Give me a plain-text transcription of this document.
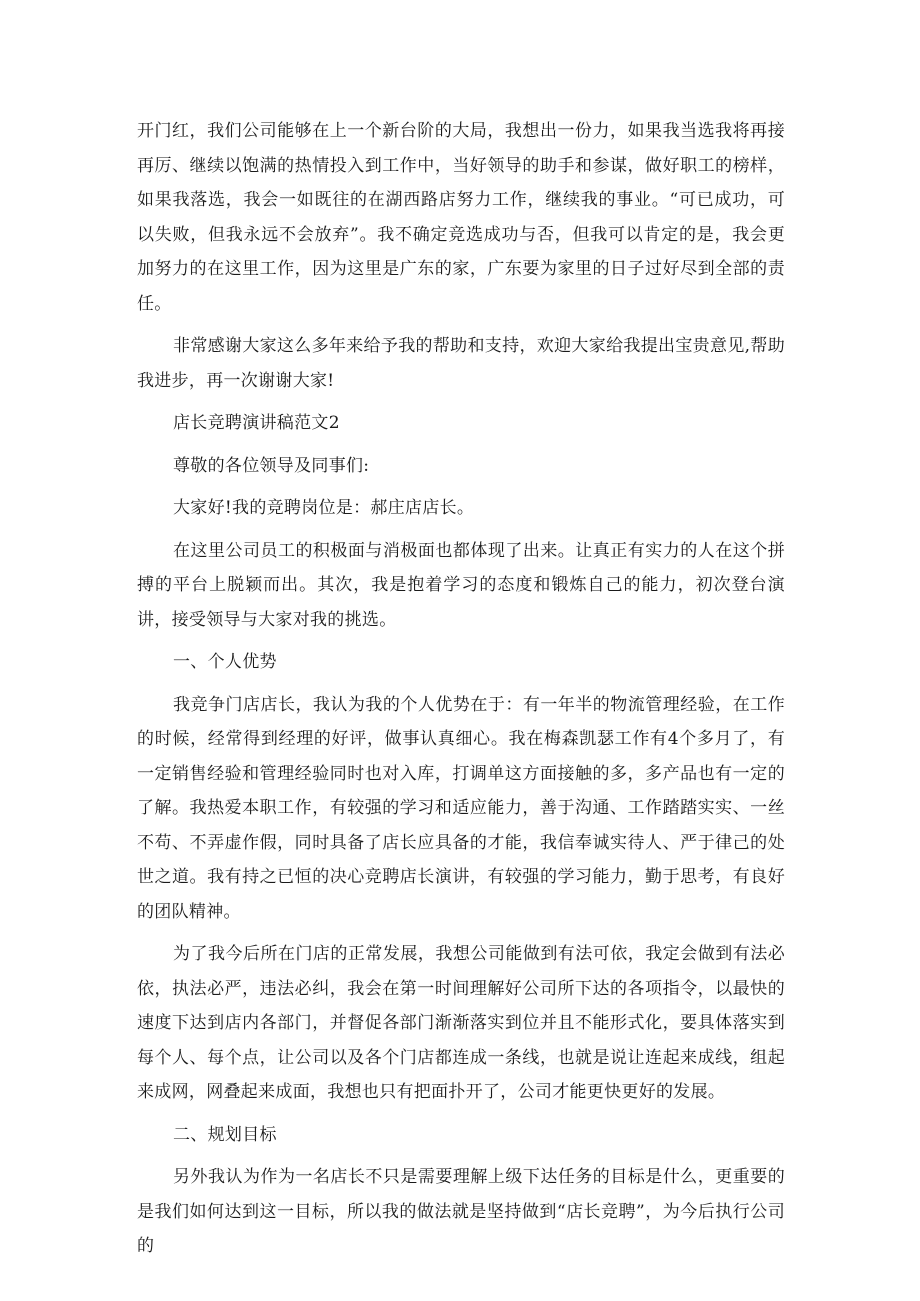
开门红，我们公司能够在上一个新台阶的大局，我想出一份力，如果我当选我将再接再厉、继续以饱满的热情投入到工作中，当好领导的助手和参谋，做好职工的榜样，如果我落选，我会一如既往的在湖西路店努力工作，继续我的事业。“可已成功，可以失败，但我永远不会放弃”。我不确定竞选成功与否，但我可以肯定的是，我会更加努力的在这里工作，因为这里是广东的家，广东要为家里的日子过好尽到全部的责任。

非常感谢大家这么多年来给予我的帮助和支持，欢迎大家给我提出宝贵意见,帮助我进步，再一次谢谢大家!

店长竞聘演讲稿范文2

尊敬的各位领导及同事们:

大家好!我的竞聘岗位是：郝庄店店长。

在这里公司员工的积极面与消极面也都体现了出来。让真正有实力的人在这个拼搏的平台上脱颖而出。其次，我是抱着学习的态度和锻炼自己的能力，初次登台演讲，接受领导与大家对我的挑选。

一、个人优势

我竞争门店店长，我认为我的个人优势在于：有一年半的物流管理经验，在工作的时候，经常得到经理的好评，做事认真细心。我在梅森凯瑟工作有4个多月了，有一定销售经验和管理经验同时也对入库，打调单这方面接触的多，多产品也有一定的了解。我热爱本职工作，有较强的学习和适应能力，善于沟通、工作踏踏实实、一丝不苟、不弄虚作假，同时具备了店长应具备的才能，我信奉诚实待人、严于律己的处世之道。我有持之已恒的决心竞聘店长演讲，有较强的学习能力，勤于思考，有良好的团队精神。

为了我今后所在门店的正常发展，我想公司能做到有法可依，我定会做到有法必依，执法必严，违法必纠，我会在第一时间理解好公司所下达的各项指令，以最快的速度下达到店内各部门，并督促各部门渐渐落实到位并且不能形式化，要具体落实到每个人、每个点，让公司以及各个门店都连成一条线，也就是说让连起来成线，组起来成网，网叠起来成面，我想也只有把面扑开了，公司才能更快更好的发展。

二、规划目标

另外我认为作为一名店长不只是需要理解上级下达任务的目标是什么，更重要的是我们如何达到这一目标，所以我的做法就是坚持做到“店长竞聘”，为今后执行公司的
